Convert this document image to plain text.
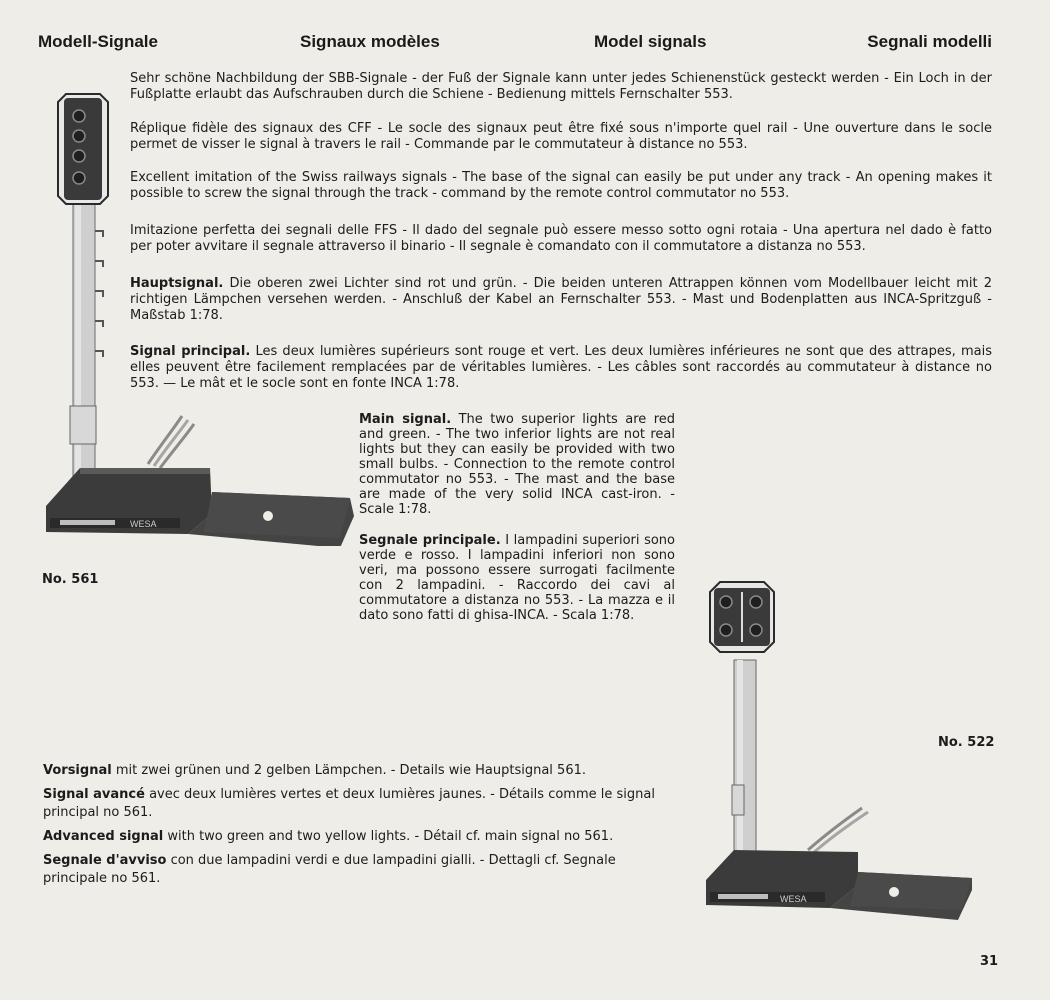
Modell-Signale	Signaux modèles	Model signals	Segnali modelli

Sehr schöne Nachbildung der SBB-Signale - der Fuß der Signale kann unter jedes Schienenstück gesteckt werden - Ein Loch in der Fußplatte erlaubt das Aufschrauben durch die Schiene - Bedienung mittels Fernschalter 553.

Réplique fidèle des signaux des CFF - Le socle des signaux peut être fixé sous n'importe quel rail - Une ouverture dans le socle permet de visser le signal à travers le rail - Commande par le commutateur à distance no 553.

Excellent imitation of the Swiss railways signals - The base of the signal can easily be put under any track - An opening makes it possible to screw the signal through the track - command by the remote control commutator no 553.

Imitazione perfetta dei segnali delle FFS - Il dado del segnale può essere messo sotto ogni rotaia - Una apertura nel dado è fatto per poter avvitare il segnale attraverso il binario - Il segnale è comandato con il commutatore a distanza no 553.

Hauptsignal. Die oberen zwei Lichter sind rot und grün. - Die beiden unteren Attrappen können vom Modellbauer leicht mit 2 richtigen Lämpchen versehen werden. - Anschluß der Kabel an Fernschalter 553. - Mast und Bodenplatten aus INCA-Spritzguß - Maßstab 1:78.

Signal principal. Les deux lumières supérieurs sont rouge et vert. Les deux lumières inférieures ne sont que des attrapes, mais elles peuvent être facilement remplacées par de véritables lumières. - Les câbles sont raccordés au commutateur à distance no 553. — Le mât et le socle sont en fonte INCA 1:78.

Main signal. The two superior lights are red and green. - The two inferior lights are not real lights but they can easily be provided with two small bulbs. - Connection to the remote control commutator no 553. - The mast and the base are made of the very solid INCA cast-iron. - Scale 1:78.

Segnale principale. I lampadini superiori sono verde e rosso. I lampadini inferiori non sono veri, ma possono essere surrogati facilmente con 2 lampadini. - Raccordo dei cavi al commutatore a distanza no 553. - La mazza e il dato sono fatti di ghisa-INCA. - Scala 1:78.

WESA
No. 561
WESA
No. 522

Vorsignal mit zwei grünen und 2 gelben Lämpchen. - Details wie Hauptsignal 561.

Signal avancé avec deux lumières vertes et deux lumières jaunes. - Détails comme le signal principal no 561.

Advanced signal with two green and two yellow lights. - Détail cf. main signal no 561.

Segnale d'avviso con due lampadini verdi e due lampadini gialli. - Dettagli cf. Segnale principale no 561.

31
